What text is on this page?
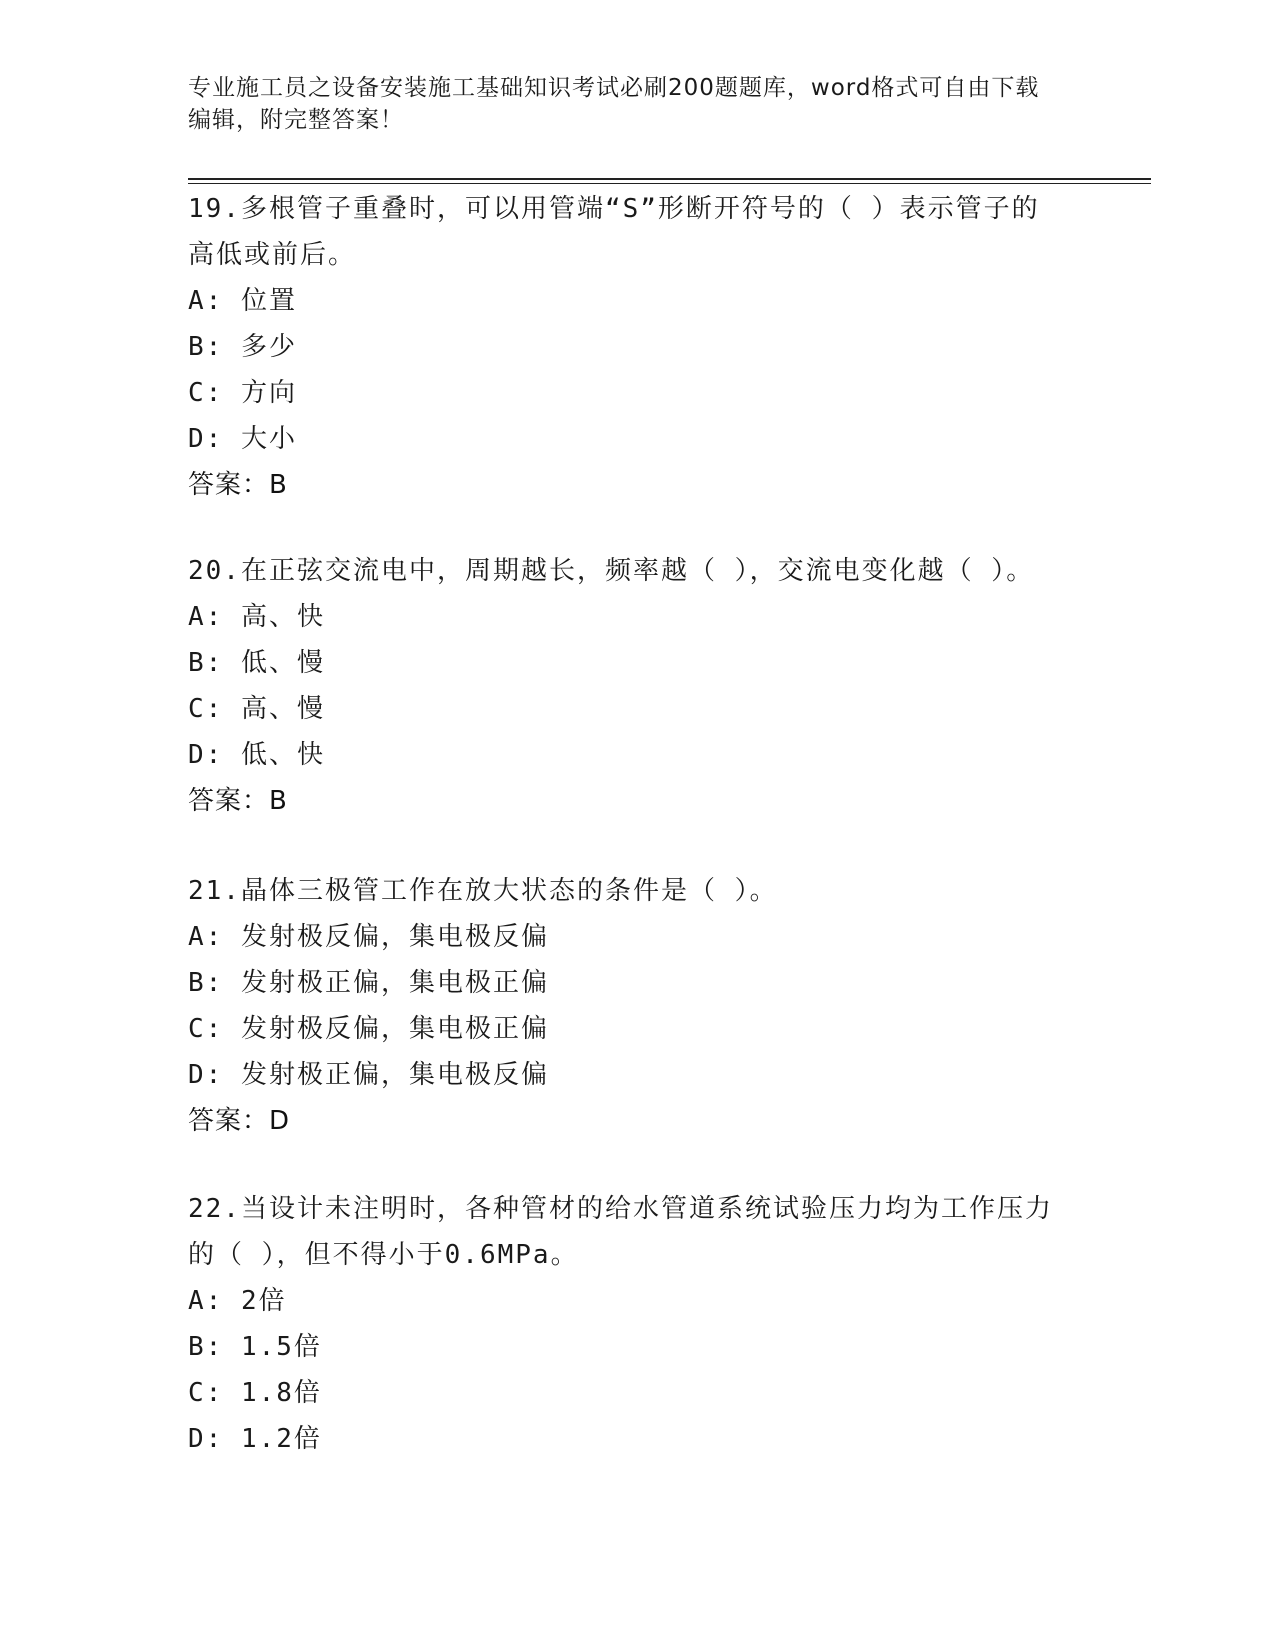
专业施工员之设备安装施工基础知识考试必刷200题题库，word格式可自由下载
编辑，附完整答案！
19.多根管子重叠时，可以用管端“S”形断开符号的（ ）表示管子的
高低或前后。
A: 位置
B: 多少
C: 方向
D: 大小
答案：B
20.在正弦交流电中，周期越长，频率越（ ），交流电变化越（ ）。
A: 高、快
B: 低、慢
C: 高、慢
D: 低、快
答案：B
21.晶体三极管工作在放大状态的条件是（ ）。
A: 发射极反偏，集电极反偏
B: 发射极正偏，集电极正偏
C: 发射极反偏，集电极正偏
D: 发射极正偏，集电极反偏
答案：D
22.当设计未注明时，各种管材的给水管道系统试验压力均为工作压力
的（ ），但不得小于0.6MPa。
A: 2倍
B: 1.5倍
C: 1.8倍
D: 1.2倍
